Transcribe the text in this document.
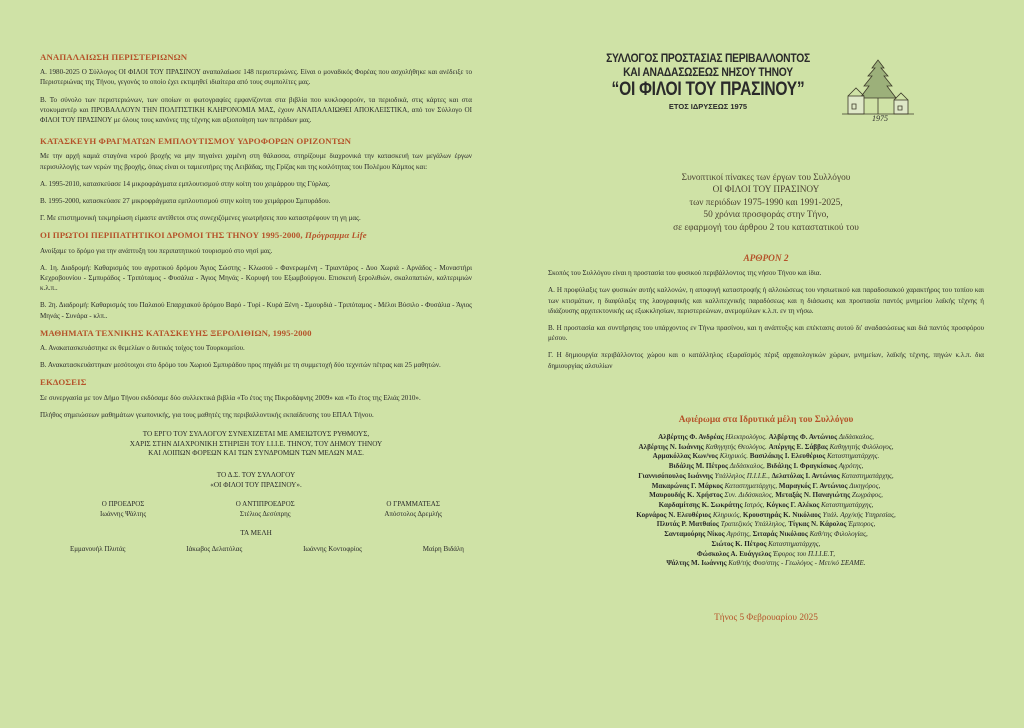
ΑΝΑΠΑΛΑΙΩΣΗ ΠΕΡΙΣΤΕΡΙΩΝΩΝ

Α. 1980-2025 Ο Σύλλογος ΟΙ ΦΙΛΟΙ ΤΟΥ ΠΡΑΣΙΝΟΥ αναπαλαίωσε 148 περιστεριώνες. Είναι ο μοναδικός Φορέας που ασχολήθηκε και ανέδειξε το Περιστεριώνας της Τήνου, γεγονός το οποίο έχει εκτιμηθεί ιδιαίτερα από τους συμπολίτες μας.

Β. Το σύνολο των περιστεριώνων, των οποίων οι φωτογραφίες εμφανίζονται στα βιβλία που κυκλοφορούν, τα περιοδικά, στις κάρτες και στα ντοκυμαντέρ και ΠΡΟΒΑΛΛΟΥΝ ΤΗΝ ΠΟΛΙΤΙΣΤΙΚΗ ΚΛΗΡΟΝΟΜΙΑ ΜΑΣ, έχουν ΑΝΑΠΑΛΑΙΩΘΕΙ ΑΠΟΚΛΕΙΣΤΙΚΑ, από τον Σύλλογο ΟΙ ΦΙΛΟΙ ΤΟΥ ΠΡΑΣΙΝΟΥ με όλους τους κανόνες της τέχνης και αξιοποίηση των πετράδων μας.

ΚΑΤΑΣΚΕΥΗ ΦΡΑΓΜΑΤΩΝ ΕΜΠΛΟΥΤΙΣΜΟΥ ΥΔΡΟΦΟΡΩΝ ΟΡΙΖΟΝΤΩΝ

Με την αρχή καμιά σταγόνα νερού βροχής να μην πηγαίνει χαμένη στη θάλασσα, στηρίζουμε διαχρονικά την κατασκευή των μεγάλων έργων περισυλλογής των νερών της βροχής, όπως είναι οι ταμιευτήρες της Λειβάδας, της Γρίζας και της κοιλότητας του Πολέμου Κάμπος και:

Α. 1995-2010, κατασκεύασε 14 μικροφράγματα εμπλουτισμού στην κοίτη του χειμάρρου της Γύρλας.

Β. 1995-2000, κατασκεύασε 27 μικροφράγματα εμπλουτισμού στην κοίτη του χειμάρρου Σμπυράδου.

Γ. Με επιστημονική τεκμηρίωση είμαστε αντίθετοι στις συνεχιζόμενες γεωτρήσεις που καταστρέφουν τη γη μας.

ΟΙ ΠΡΩΤΟΙ ΠΕΡΙΠΑΤΗΤΙΚΟΙ ΔΡΟΜΟΙ ΤΗΣ ΤΗΝΟΥ 1995-2000, Πρόγραμμα Life

Ανοίξαμε το δρόμο για την ανάπτυξη του περιπατητικού τουρισμού στο νησί μας.

Α. 1η. Διαδρομή: Καθαρισμός του αγροτικού δρόμου Άγιος Σώστης - Κλωσού - Φανερωμένη - Τριαντάρος - Δυο Χωριά - Αρνάδος - Μοναστήρι Κεχροβουνίου - Σμπυράδος - Τριπόταμος - Φυσάλια - Άγιος Μηνάς - Κορυφή του Εξωμβούργου. Επισκευή ξερολιθιών, σκαλοπατιών, καλτεριμιών κ.λ.π..

Β. 2η. Διαδρομή: Καθαρισμός του Παλαιού Επαρχιακού δρόμου Βαρύ - Τυρί - Κυρά Ξένη - Σμουρδιά - Τριπόταμος - Μέλοι Βύσιλο - Φυσάλια - Άγιος Μηνάς - Συνάρα - κλπ..

ΜΑΘΗΜΑΤΑ ΤΕΧΝΙΚΗΣ ΚΑΤΑΣΚΕΥΗΣ ΞΕΡΟΛΙΘΙΩΝ, 1995-2000

Α. Ανακατασκευάστηκε εκ θεμελίων ο δυτικός τοίχος του Τουρκομείου.

Β. Ανακατασκευάστηκαν μεσότοιχοι στο δρόμο του Χωριού Σμπυράδου προς πηγάδι με τη συμμετοχή δύο τεχνιτών πέτρας και 25 μαθητών.

ΕΚΔΟΣΕΙΣ

Σε συνεργασία με τον Δήμο Τήνου εκδόσαμε δύο συλλεκτικά βιβλία «Το έτος της Πικροδάφνης 2009» και «Το έτος της Ελιάς 2010».

Πλήθος σημειώσεων μαθημάτων γεωπονικής, για τους μαθητές της περιβαλλοντικής εκπαίδευσης του ΕΠΑΛ Τήνου.

ΤΟ ΕΡΓΟ ΤΟΥ ΣΥΛΛΟΓΟΥ ΣΥΝΕΧΙΖΕΤΑΙ ΜΕ ΑΜΕΙΩΤΟΥΣ ΡΥΘΜΟΥΣ,
ΧΑΡΙΣ ΣΤΗΝ ΔΙΑΧΡΟΝΙΚΗ ΣΤΗΡΙΞΗ ΤΟΥ Ι.Ι.Ι.Ε. ΤΗΝΟΥ, ΤΟΥ ΔΗΜΟΥ ΤΗΝΟΥ
ΚΑΙ ΛΟΙΠΩΝ ΦΟΡΕΩΝ ΚΑΙ ΤΩΝ ΣΥΝΔΡΟΜΩΝ ΤΩΝ ΜΕΛΩΝ ΜΑΣ.
ΤΟ Δ.Σ. ΤΟΥ ΣΥΛΛΟΓΟΥ
«ΟΙ ΦΙΛΟΙ ΤΟΥ ΠΡΑΣΙΝΟΥ».
Ο ΠΡΟΕΔΡΟΣ
Ιωάννης Ψάλτης
Ο ΑΝΤΙΠΡΟΕΔΡΟΣ
Στέλιος Δεσύπρης
Ο ΓΡΑΜΜΑΤΕΑΣ
Απόστολος Δρεμλής
ΤΑ ΜΕΛΗ
Εμμανουήλ Πλυτάς	Ιάκωβος Δελατόλας	Ιωάννης Κοντοφρίος	Μαίρη Βιδάλη
ΣΥΛΛΟΓΟΣ ΠΡΟΣΤΑΣΙΑΣ ΠΕΡΙΒΑΛΛΟΝΤΟΣ
ΚΑΙ ΑΝΑΔΑΣΩΣΕΩΣ ΝΗΣΟΥ ΤΗΝΟΥ
“ΟΙ ΦΙΛΟΙ ΤΟΥ ΠΡΑΣΙΝΟΥ”
ΕΤΟΣ ΙΔΡΥΣΕΩΣ 1975
1975
Συνοπτικοί πίνακες των έργων του Συλλόγου
ΟΙ ΦΙΛΟΙ ΤΟΥ ΠΡΑΣΙΝΟΥ
των περιόδων 1975-1990 και 1991-2025,
50 χρόνια προσφοράς στην Τήνο,
σε εφαρμογή του άρθρου 2 του καταστατικού του
ΑΡΘΡΟΝ 2

Σκοπός του Συλλόγου είναι η προστασία του φυσικού περιβάλλοντος της νήσου Τήνου και ίδια.

Α. Η προφύλαξις των φυσικών αυτής καλλονών, η αποφυγή καταστροφής ή αλλοιώσεως του νησιωτικού και παραδοσιακού χαρακτήρος του τοπίου και των κτισμάτων, η διαφύλαξις της λαογραφικής και καλλιτεχνικής παραδόσεως και η διάσωσις και προστασία παντός μνημείου λαϊκής τέχνης ή ιδιάζουσης αρχιτεκτονικής ως εξωκκλησίων, περιστερεώνων, ανεμομύλων κ.λ.π. εν τη νήσω.

Β. Η προστασία και συντήρησις του υπάρχοντος εν Τήνω πρασίνου, και η ανάπτυξις και επέκτασις αυτού δι' αναδασώσεως και διά παντός προσφόρου μέσου.

Γ. Η δημιουργία περιβάλλοντος χώρου και ο κατάλληλος εξωραϊσμός πέριξ αρχαιολογικών χώρων, μνημείων, λαϊκής τέχνης, πηγών κ.λ.π. δια δημιουργίας αλσυλίων

Αφιέρωμα στα Ιδρυτικά μέλη του Συλλόγου
Αλβέρτης Φ. Ανδρέας Ηλεκτρολόγος. Αλβέρτης Φ. Αντώνιος Διδάσκαλος,
Αλβέρτης Ν. Ιωάννης Καθηγητής Θεολόγος. Απέργης Ε. Σάββας Καθηγητής Φιλόλογος,
Αρμακόλλας Κων/νος Κληρικός. Βασιλάκης Ι. Ελευθέριος Καταστηματάρχης.
Βιδάλης Μ. Πέτρος Διδάσκαλος, Βιδάλης Ι. Φραγκίσκος Αγρότης,
Γιαννισόπουλος Ιωάννης Υπάλληλος Π.Ι.Ι.Ε., Δελατόλας Ι. Αντώνιος Καταστηματάρχης,
Μακαρώνας Γ. Μάρκος Καταστηματάρχης, Μαραγκός Γ. Αντώνιος Δικηγόρος,
Μαυρουδής Κ. Χρήστος Συν. Διδάσκαλος, Μεταξάς Ν. Παναγιώτης Ζωγράφος,
Καρδαμίτσης Κ. Σωκράτης Ιατρός, Κόγκος Γ. Αλέκος Καταστηματάρχης,
Κορνάρος Ν. Ελευθέριος Κληρικός, Κρουστηράς Κ. Νικόλαος Υπάλ. Αρχ/κής Υπηρεσίας,
Πλυτάς Ρ. Ματθαίος Τραπεζικός Υπάλληλος, Τίγκας Ν. Κάρολος Έμπορος,
Σανταμούρης Νίκος Αγρότης, Σιταράς Νικόλαος Καθ/της Φιλολογίας,
Σιώτος Κ. Πέτρος Καταστηματάρχης,
Φώσκολος Α. Ευάγγελος Έφορος του Π.Ι.Ι.Ε.Τ,
Ψάλτης Μ. Ιωάννης Καθ/τής Φυσ/στης - Γεωλόγος - Μετ/κό ΣΕΑΜΕ.
Τήνος 5 Φεβρουαρίου 2025
